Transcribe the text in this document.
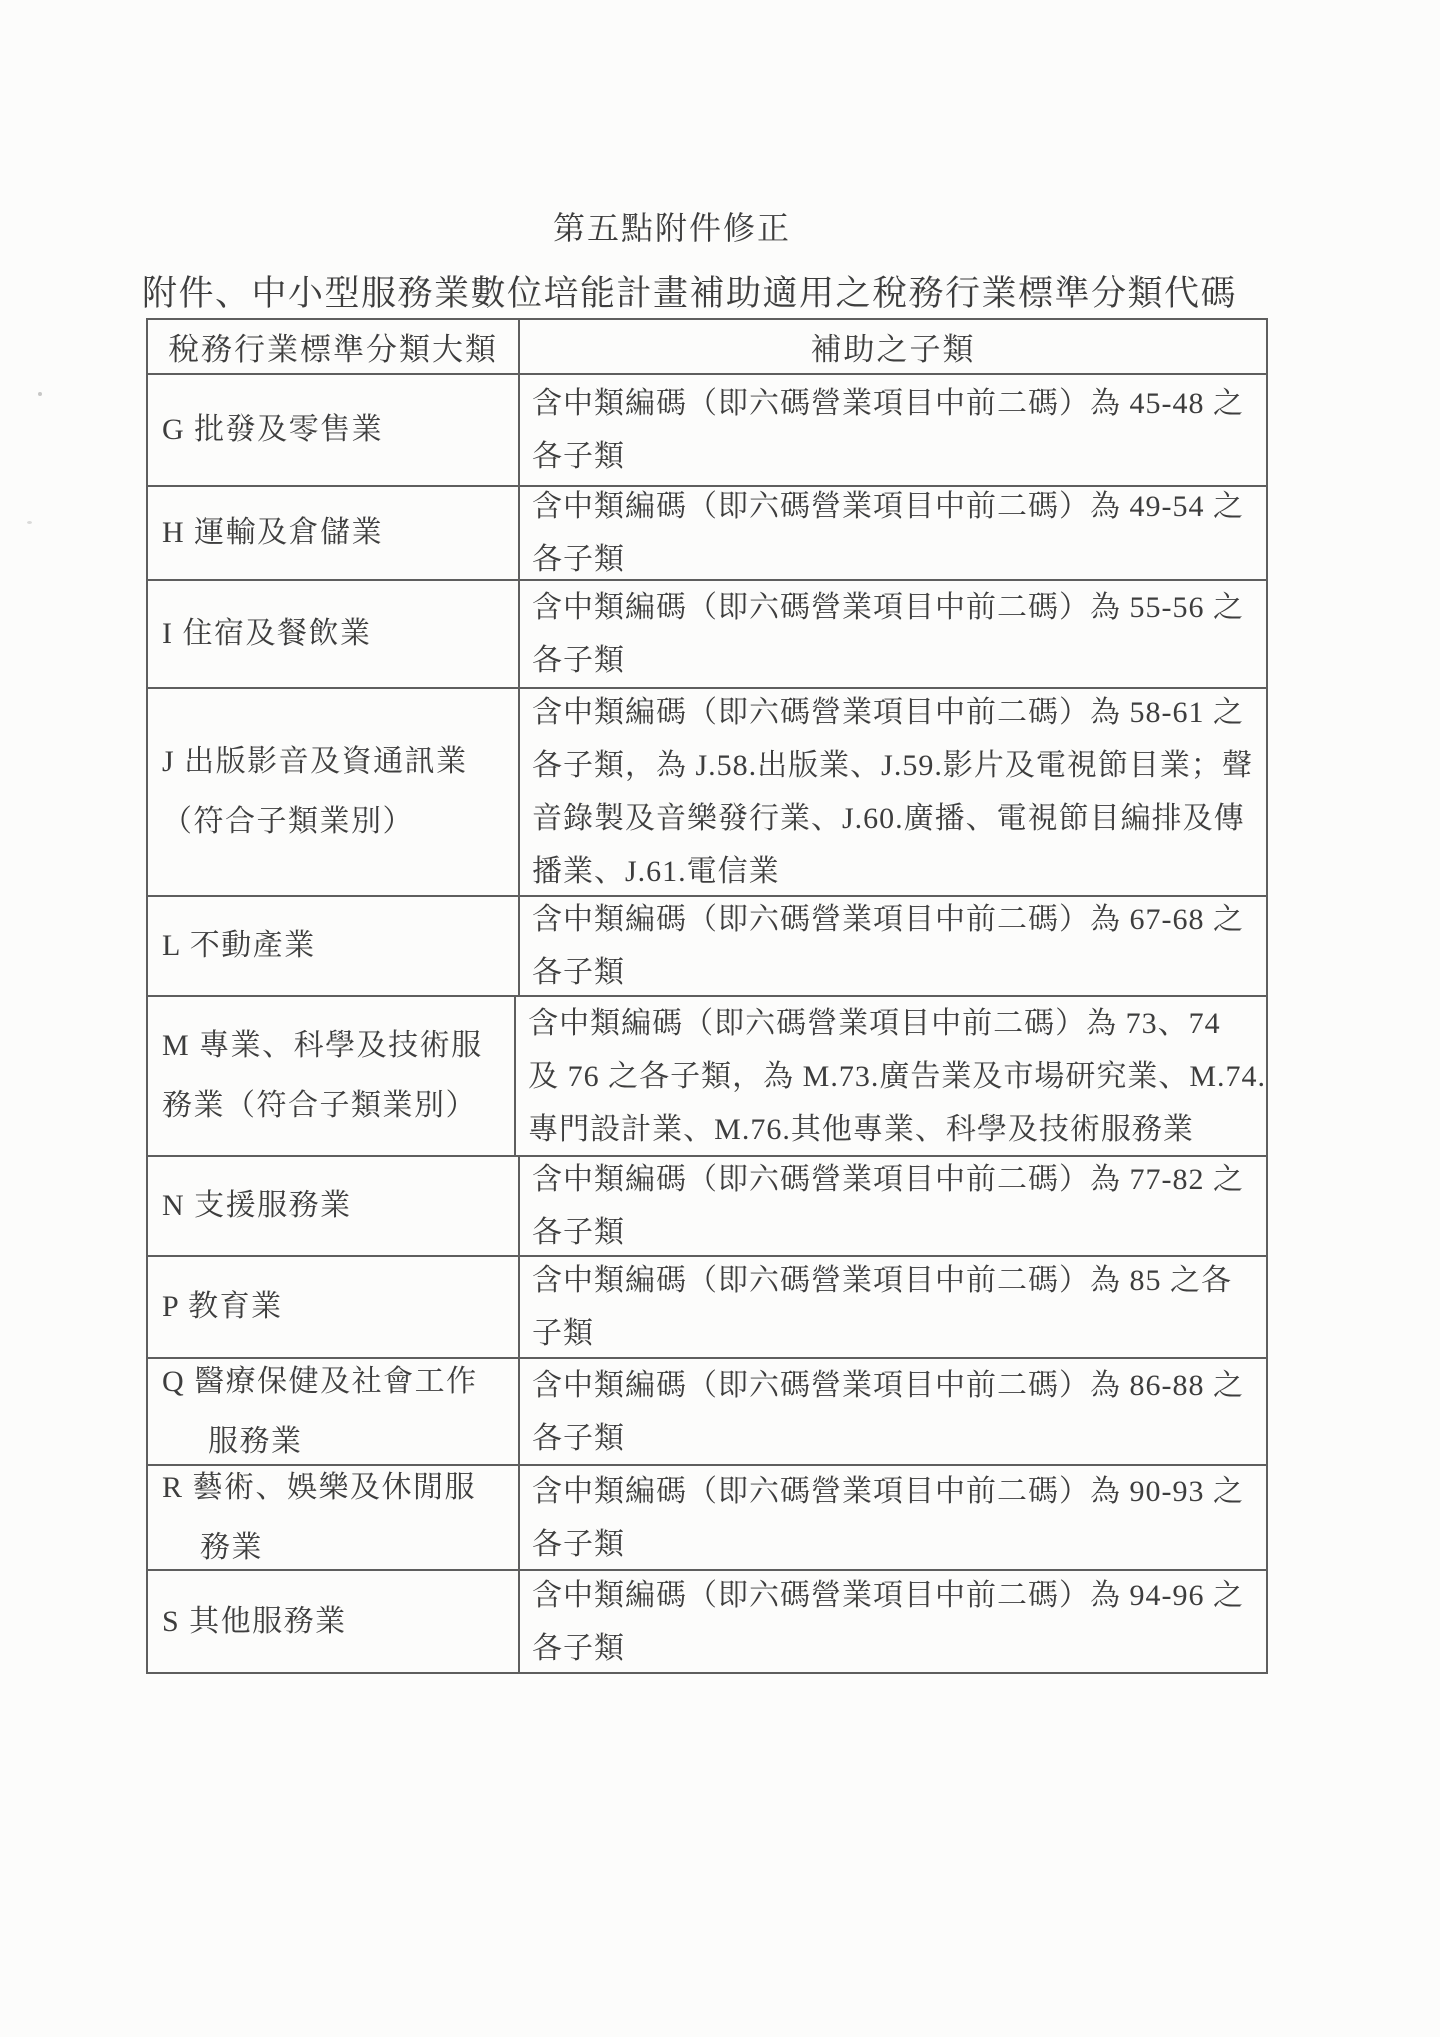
第五點附件修正
附件、中小型服務業數位培能計畫補助適用之稅務行業標準分類代碼
稅務行業標準分類大類	補助之子類
G 批發及零售業
含中類編碼（即六碼營業項目中前二碼）為 45-48 之
各子類
H 運輸及倉儲業
含中類編碼（即六碼營業項目中前二碼）為 49-54 之
各子類
I 住宿及餐飲業
含中類編碼（即六碼營業項目中前二碼）為 55-56 之
各子類
J 出版影音及資通訊業
（符合子類業別）
含中類編碼（即六碼營業項目中前二碼）為 58-61 之
各子類，為 J.58.出版業、J.59.影片及電視節目業；聲
音錄製及音樂發行業、J.60.廣播、電視節目編排及傳
播業、J.61.電信業
L 不動產業
含中類編碼（即六碼營業項目中前二碼）為 67-68 之
各子類
M 專業、科學及技術服
務業（符合子類業別）
含中類編碼（即六碼營業項目中前二碼）為 73、74
及 76 之各子類，為 M.73.廣告業及市場研究業、M.74.
專門設計業、M.76.其他專業、科學及技術服務業
N 支援服務業
含中類編碼（即六碼營業項目中前二碼）為 77-82 之
各子類
P 教育業
含中類編碼（即六碼營業項目中前二碼）為 85 之各
子類
Q 醫療保健及社會工作
服務業
含中類編碼（即六碼營業項目中前二碼）為 86-88 之
各子類
R 藝術、娛樂及休閒服
務業
含中類編碼（即六碼營業項目中前二碼）為 90-93 之
各子類
S 其他服務業
含中類編碼（即六碼營業項目中前二碼）為 94-96 之
各子類
